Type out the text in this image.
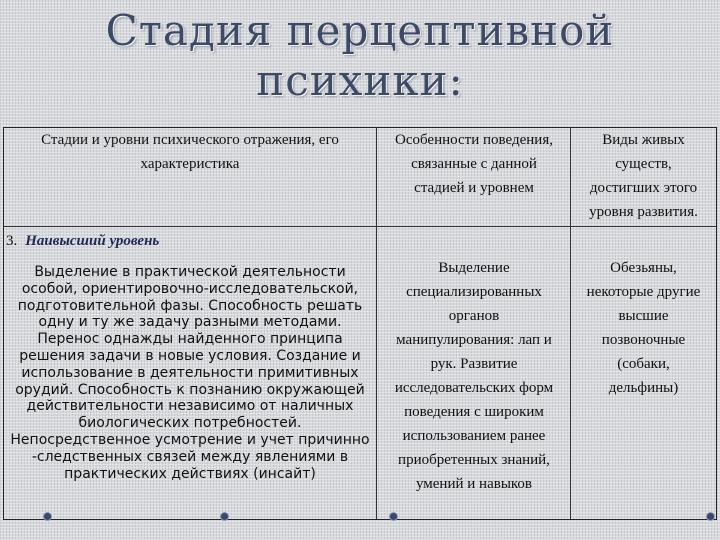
Стадия перцептивной
психики:
Стадии и уровни психического отражения, его
характеристика
Особенности поведения,
связанные с данной
стадией и уровнем
Виды живых
существ,
достигших этого
уровня развития.
3. Наивысший уровень
Выделение в практической деятельности
особой, ориентировочно-исследовательской,
подготовительной фазы. Способность решать
одну и ту же задачу разными методами.
Перенос однажды найденного принципа
решения задачи в новые условия. Создание и
использование в деятельности примитивных
орудий. Способность к познанию окружающей
действительности независимо от наличных
биологических потребностей.
Непосредственное усмотрение и учет причинно
-следственных связей между явлениями в
практических действиях (инсайт)
Выделение
специализированных
органов
манипулирования: лап и
рук. Развитие
исследовательских форм
поведения с широким
использованием ранее
приобретенных знаний,
умений и навыков
Обезьяны,
некоторые другие
высшие
позвоночные
(собаки,
дельфины)
